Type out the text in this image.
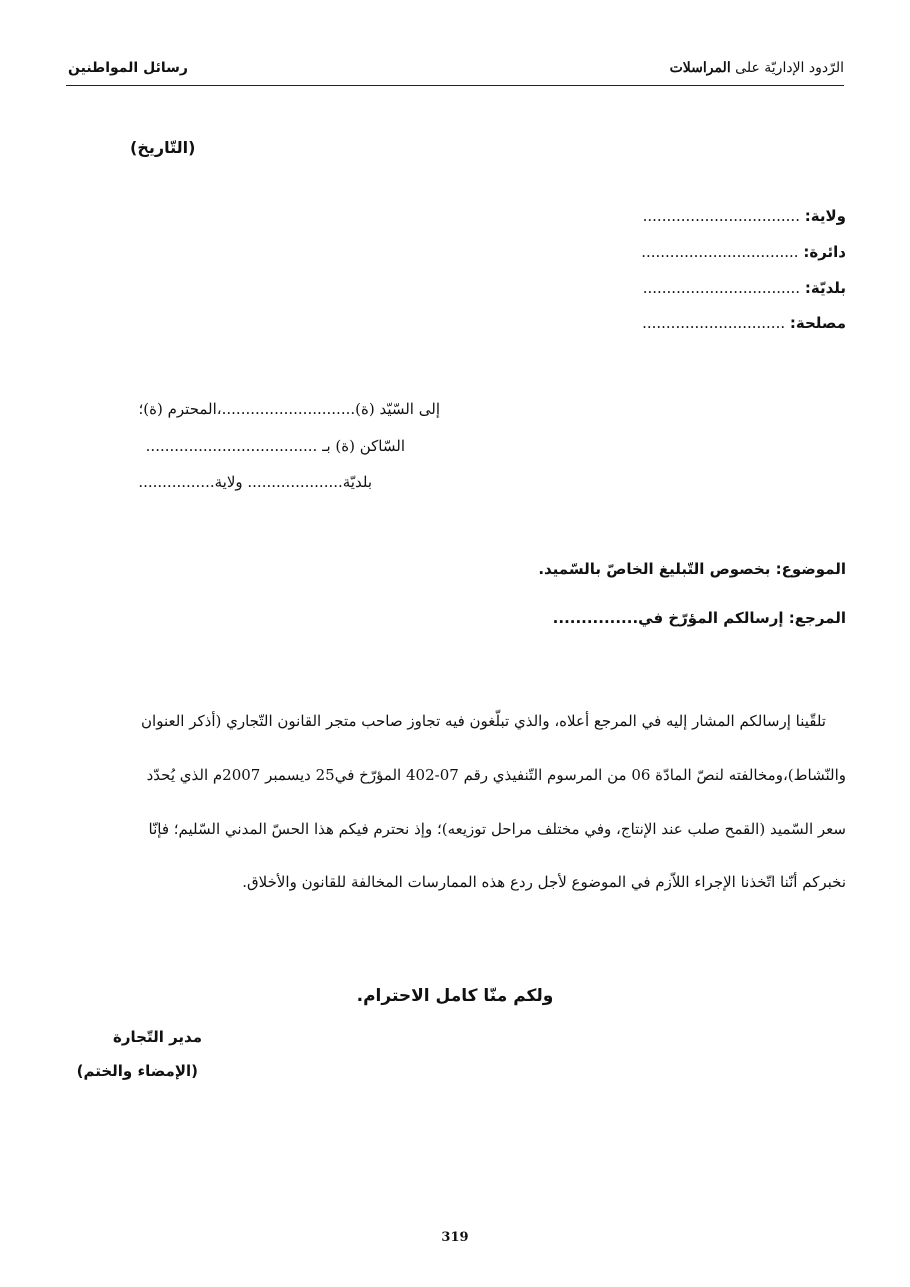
الرّدود الإداريّة على المراسلات
رسائل المواطنين
(التّاريخ)
ولاية: .................................
دائرة: .................................
بلديّة: .................................
مصلحة: ..............................
إلى السّيّد (ة)............................،المحترم (ة)؛
السّاكن (ة) بـ ....................................
بلديّة.................... ولاية................
الموضوع: بخصوص التّبليغ الخاصّ بالسّميد.
المرجع: إرسالكم المؤرّخ في...............
تلقّينا إرسالكم المشار إليه في المرجع أعلاه، والذي تبلّغون فيه تجاوز صاحب متجر القانون التّجاري (أذكر العنوان
والنّشاط)،ومخالفته لنصّ المادّة 06 من المرسوم التّنفيذي رقم 07-402 المؤرّخ في25 ديسمبر 2007م الذي يُحدّد
سعر السّميد (القمح صلب عند الإنتاج، وفي مختلف مراحل توزيعه)؛ وإذ نحترم فيكم هذا الحسّ المدني السّليم؛ فإنّا
نخبركم أنّنا اتّخذنا الإجراء اللاّزم في الموضوع لأجل ردع هذه الممارسات المخالفة للقانون والأخلاق.
ولكم منّا كامل الاحترام.
مدير التّجارة
(الإمضاء والختم)
319
